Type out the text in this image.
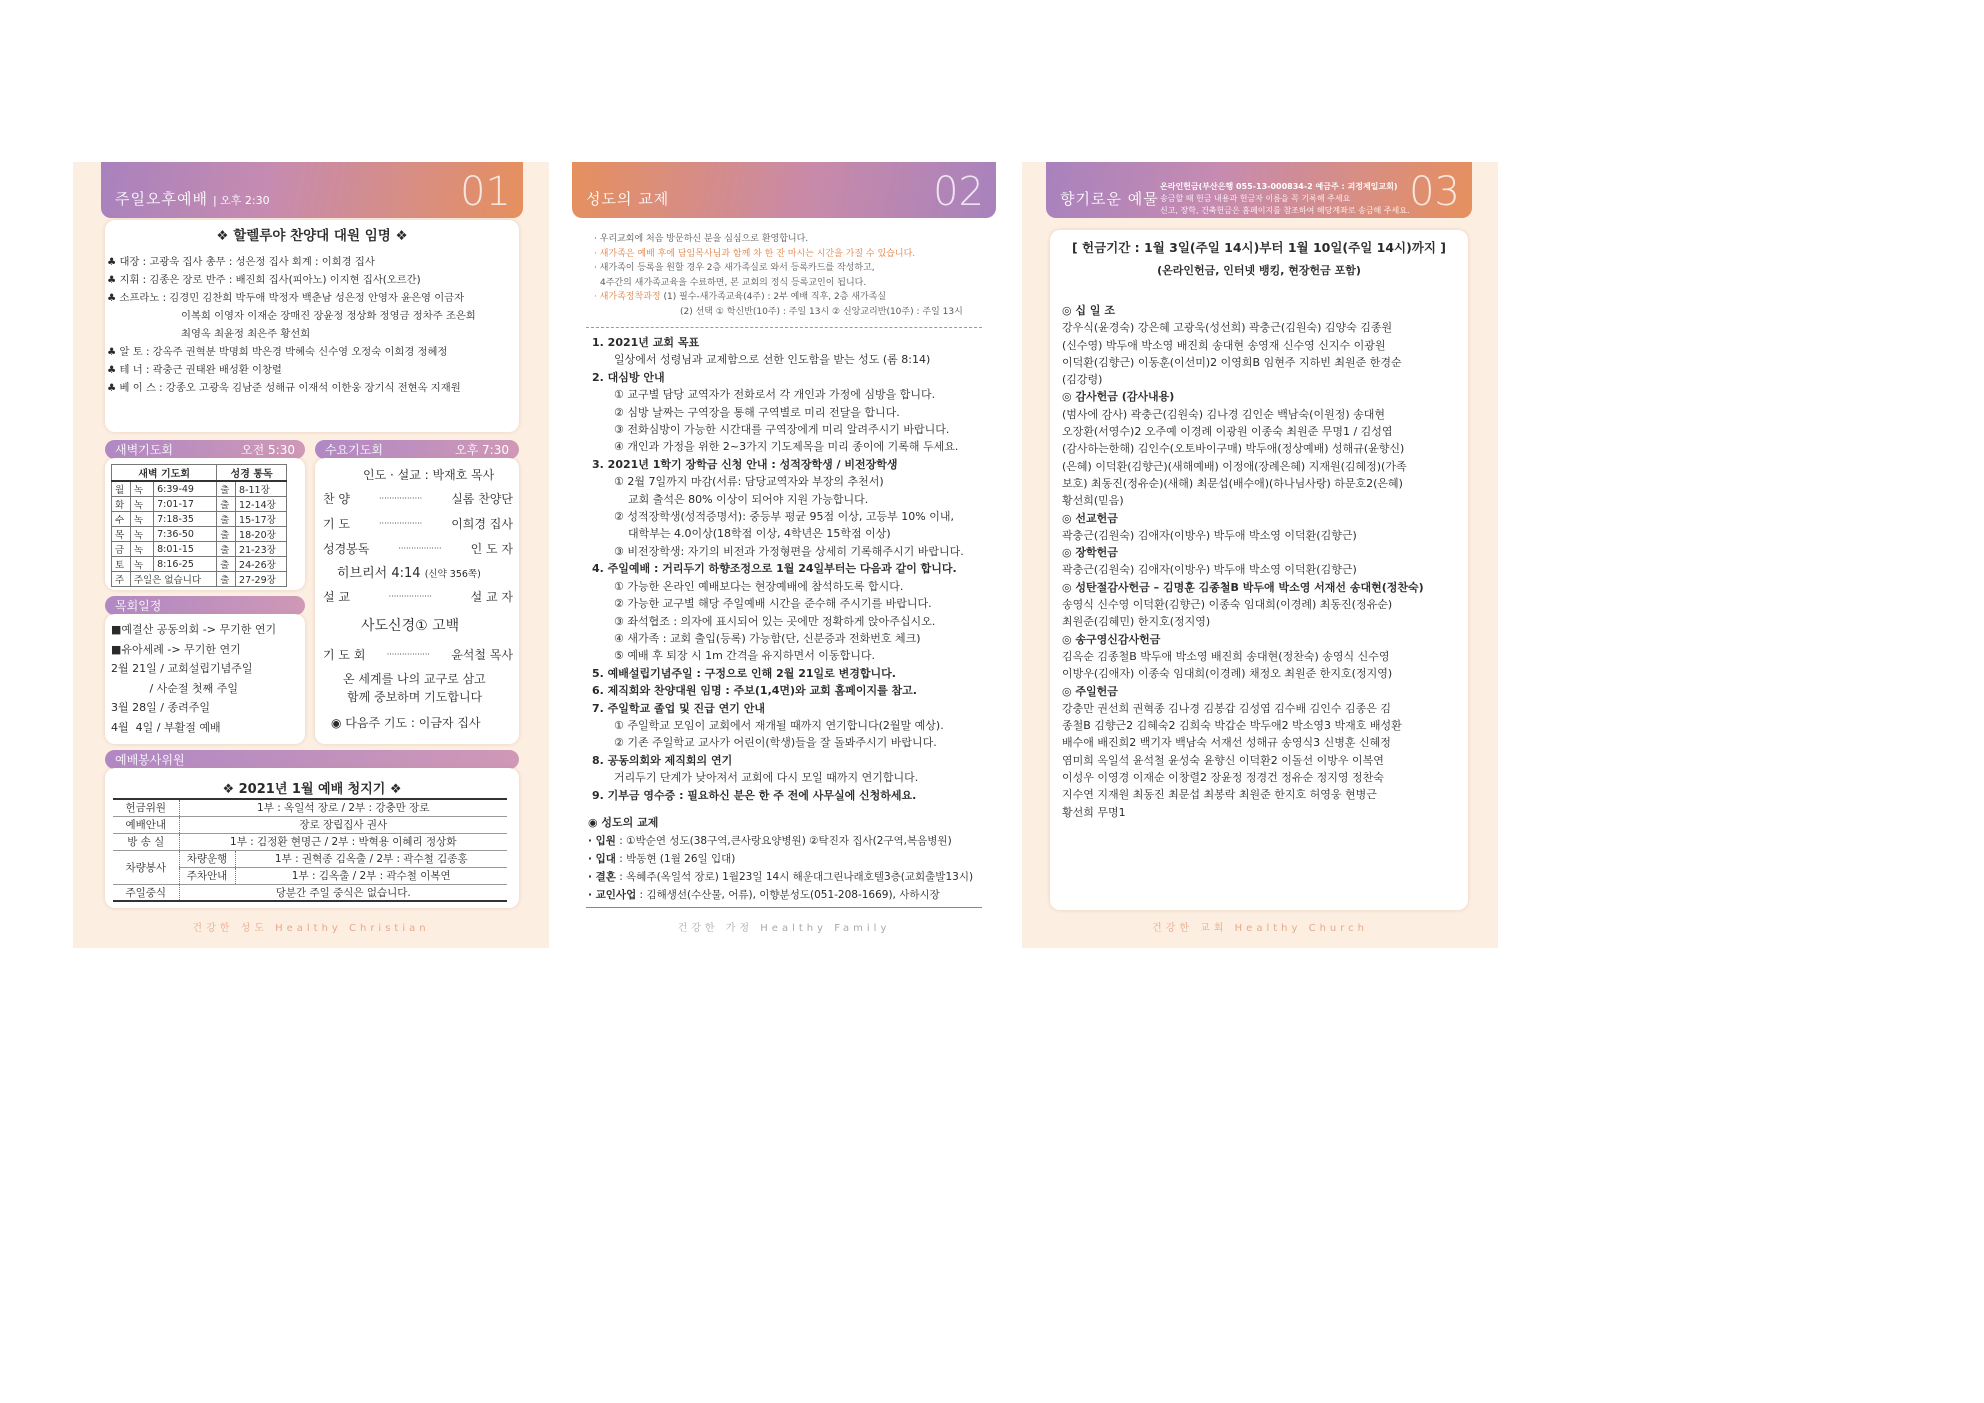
주일오후예배 | 오후 2:30	01
❖ 할렐루야 찬양대 대원 임명 ❖
♣ 대장 : 고광욱 집사 총무 : 성은정 집사 회계 : 이희경 집사
♣ 지휘 : 김종은 장로 반주 : 배진희 집사(피아노) 이지현 집사(오르간)
♣ 소프라노 : 김경민 김찬희 박두애 박정자 백춘남 성은정 안영자 윤은영 이금자
이복희 이영자 이재순 장매진 장윤정 정상화 정영금 정차주 조은희
최영옥 최윤정 최은주 황선희
♣ 알 토 : 강옥주 권혁분 박명희 박은경 박혜숙 신수영 오정숙 이희경 정혜정
♣ 테 너 : 곽충근 권태완 배성환 이창렬
♣ 베 이 스 : 강종오 고광욱 김남준 성해규 이재석 이한웅 장기식 전현옥 지재원
새벽기도회	오전 5:30
새벽 기도회			성경 통독	
월	녹	6:39-49	출	8-11장
화	녹	7:01-17	출	12-14장
수	녹	7:18-35	출	15-17장
목	녹	7:36-50	출	18-20장
금	녹	8:01-15	출	21-23장
토	녹	8:16-25	출	24-26장
주	주일은 없습니다		출	27-29장
목회일정
■예결산 공동의회 -> 무기한 연기
■유아세례 -> 무기한 연기
2월 21일 / 교회설립기념주일
/ 사순절 첫째 주일
3월 28일 / 종려주일
4월  4일 / 부활절 예배
수요기도회	오후 7:30
인도 · 설교 : 박재호 목사
찬 양	················· 실롬 찬양단
기 도	················· 이희경 집사
성경봉독	················· 인 도 자
히브리서 4:14 (신약 356쪽)
설 교	·················	설 교 자
사도신경① 고백
기 도 회	················· 윤석철 목사
온 세계를 나의 교구로 삼고
함께 중보하며 기도합니다
◉ 다음주 기도 : 이금자 집사
예배봉사위원
❖ 2021년 1월 예배 청지기 ❖
헌금위원	1부 : 옥일석 장로 / 2부 : 강충만 장로	
예배안내	장로 장립집사 권사	
방 송 실	1부 : 김정환 현명근 / 2부 : 박혁용 이혜리 정상화	
차량봉사	차량운행	1부 : 권혁종 김옥출 / 2부 : 곽수철 김종홍
	주차안내	1부 : 김옥출 / 2부 : 곽수철 이복연
주일중식	당분간 주일 중식은 없습니다.	
건강한 성도 Healthy Christian
성도의 교제	02
· 우리교회에 처음 방문하신 분을 심심으로 환영합니다.
· 새가족은 예배 후에 담임목사님과 함께 차 한 잔 마시는 시간을 가질 수 있습니다.
· 새가족이 등록을 원할 경우 2층 새가족실로 와서 등록카드를 작성하고,
4주간의 새가족교육을 수료하면, 본 교회의 정식 등록교인이 됩니다.
· 새가족정착과정 (1) 필수-새가족교육(4주) : 2부 예배 직후, 2층 새가족실
(2) 선택 ① 학신반(10주) : 주일 13시 ② 신앙교리반(10주) : 주일 13시
1. 2021년 교회 목표
일상에서 성령님과 교제함으로 선한 인도함을 받는 성도 (롬 8:14)
2. 대심방 안내
① 교구별 담당 교역자가 전화로서 각 개인과 가정에 심방을 합니다.
② 심방 날짜는 구역장을 통해 구역별로 미리 전달을 합니다.
③ 전화심방이 가능한 시간대를 구역장에게 미리 알려주시기 바랍니다.
④ 개인과 가정을 위한 2~3가지 기도제목을 미리 종이에 기록해 두세요.
3. 2021년 1학기 장학금 신청 안내 : 성적장학생 / 비전장학생
① 2월 7일까지 마감(서류: 담당교역자와 부장의 추천서)
교회 출석은 80% 이상이 되어야 지원 가능합니다.
② 성적장학생(성적증명서): 중등부 평균 95점 이상, 고등부 10% 이내,
대학부는 4.0이상(18학점 이상, 4학년은 15학점 이상)
③ 비전장학생: 자기의 비전과 가정형편을 상세히 기록해주시기 바랍니다.
4. 주일예배 : 거리두기 하향조정으로 1월 24일부터는 다음과 같이 합니다.
① 가능한 온라인 예배보다는 현장예배에 참석하도록 합시다.
② 가능한 교구별 해당 주일예배 시간을 준수해 주시기를 바랍니다.
③ 좌석협조 : 의자에 표시되어 있는 곳에만 정확하게 앉아주십시오.
④ 새가족 : 교회 출입(등록) 가능함(단, 신분증과 전화번호 체크)
⑤ 예배 후 퇴장 시 1m 간격을 유지하면서 이동합니다.
5. 예배설립기념주일 : 구정으로 인해 2월 21일로 변경합니다.
6. 제직회와 찬양대원 임명 : 주보(1,4면)와 교회 홈페이지를 참고.
7. 주일학교 졸업 및 진급 연기 안내
① 주일학교 모임이 교회에서 재개될 때까지 연기합니다(2월말 예상).
② 기존 주일학교 교사가 어린이(학생)들을 잘 돌봐주시기 바랍니다.
8. 공동의회와 제직회의 연기
거리두기 단계가 낮아져서 교회에 다시 모일 때까지 연기합니다.
9. 기부금 영수증 : 필요하신 분은 한 주 전에 사무실에 신청하세요.
◉ 성도의 교제
· 입원 : ①박순연 성도(38구역,큰사랑요양병원) ②탁진자 집사(2구역,복음병원)
· 입대 : 박동현 (1월 26일 입대)
· 결혼 : 옥혜주(옥일석 장로) 1월23일 14시 해운대그린나래호텔3층(교회출발13시)
· 교인사업 : 김해생선(수산물, 어류), 이향분성도(051-208-1669), 사하시장
건강한 가정 Healthy Family
향기로운 예물
온라인헌금(부산은행 055-13-000834-2 예금주 : 괴정제일교회)
송금할 때 헌금 내용과 헌금자 이름을 꼭 기록해 주세요
신고, 장학, 건축헌금은 홈페이지를 참조하여 해당계좌로 송금해 주세요. 03
[ 헌금기간 : 1월 3일(주일 14시)부터 1월 10일(주일 14시)까지 ]
(온라인헌금, 인터넷 뱅킹, 현장헌금 포함)
◎ 십 일 조
강우식(윤경숙) 강은혜 고광욱(성선희) 곽충근(김원숙) 김양숙 김종원
(신수영) 박두애 박소영 배진희 송대현 송영재 신수영 신지수 이광원
이덕환(김향근) 이동훈(이선미)2 이영희B 임현주 지하빈 최원준 한경순
(김강령)
◎ 감사헌금 (감사내용)
(범사에 감사) 곽충근(김원숙) 김나경 김인순 백남숙(이원정) 송대현
오장환(서영수)2 오주예 이경례 이광원 이종숙 최원준 무명1 / 김성엽
(감사하는한해) 김인수(오토바이구매) 박두애(정상예배) 성해규(윤향신)
(은혜) 이덕환(김향근)(새해예배) 이정애(장례은혜) 지재원(김혜정)(가족
보호) 최동진(정유순)(새해) 최문섭(배수애)(하나님사랑) 하문호2(은혜)
황선희(믿음)
◎ 선교헌금
곽충근(김원숙) 김애자(이방우) 박두애 박소영 이덕환(김향근)
◎ 장학헌금
곽충근(김원숙) 김애자(이방우) 박두애 박소영 이덕환(김향근)
◎ 성탄절감사헌금 – 김명훈 김종철B 박두애 박소영 서재선 송대현(정찬숙)
송영식 신수영 이덕환(김향근) 이종숙 임대희(이경례) 최동진(정유순)
최원준(김혜민) 한지호(정지영)
◎ 송구영신감사헌금
김옥순 김종철B 박두애 박소영 배진희 송대현(정찬숙) 송영식 신수영
이방우(김애자) 이종숙 임대희(이경례) 채정오 최원준 한지호(정지영)
◎ 주일헌금
강충만 권선희 권혁종 김나경 김봉갑 김성엽 김수배 김인수 김종은 김
종철B 김향근2 김혜숙2 김희숙 박갑순 박두애2 박소영3 박재호 배성환
배수애 배진희2 백기자 백남숙 서재선 성해규 송영식3 신병훈 신혜정
염미희 옥일석 윤석철 윤성숙 윤향신 이덕환2 이돌선 이방우 이복연
이성우 이영경 이재순 이창렬2 장윤정 정경건 정유순 정지영 정찬숙
지수연 지재원 최동진 최문섭 최봉락 최원준 한지호 허영웅 현병근
황선희 무명1
건강한 교회 Healthy Church
